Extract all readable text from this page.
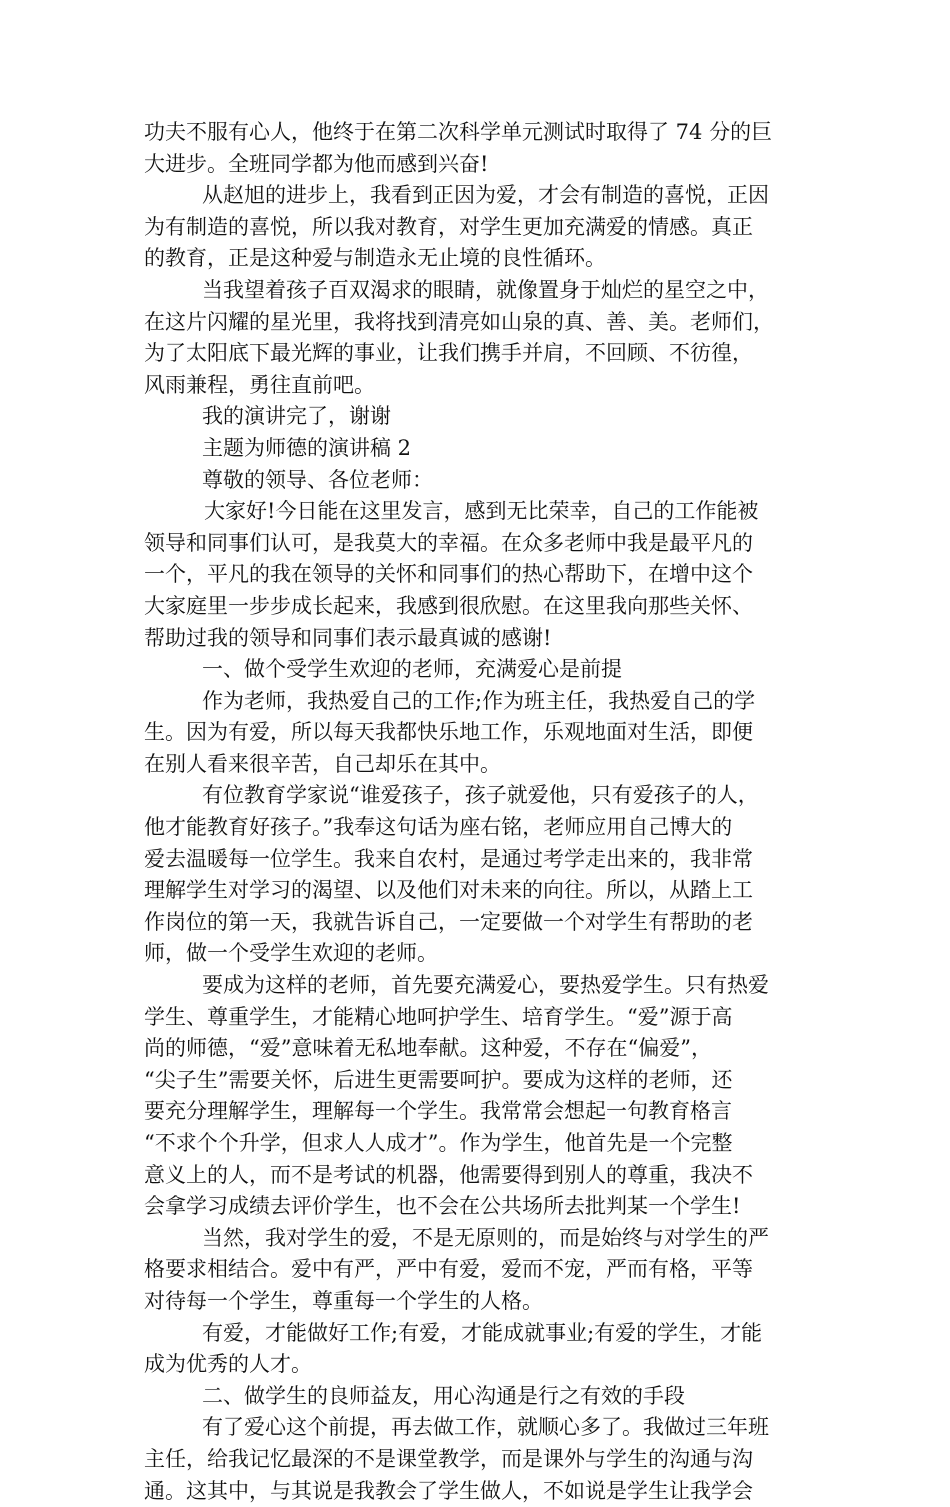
功夫不服有心人，他终于在第二次科学单元测试时取得了 74 分的巨
大进步。全班同学都为他而感到兴奋!
从赵旭的进步上，我看到正因为爱，才会有制造的喜悦，正因
为有制造的喜悦，所以我对教育，对学生更加充满爱的情感。真正
的教育，正是这种爱与制造永无止境的良性循环。
当我望着孩子百双渴求的眼睛，就像置身于灿烂的星空之中，
在这片闪耀的星光里，我将找到清亮如山泉的真、善、美。老师们，
为了太阳底下最光辉的事业，让我们携手并肩，不回顾、不彷徨，
风雨兼程，勇往直前吧。
我的演讲完了，谢谢
主题为师德的演讲稿 2
尊敬的领导、各位老师：
大家好!今日能在这里发言，感到无比荣幸，自己的工作能被
领导和同事们认可，是我莫大的幸福。在众多老师中我是最平凡的
一个，平凡的我在领导的关怀和同事们的热心帮助下，在增中这个
大家庭里一步步成长起来，我感到很欣慰。在这里我向那些关怀、
帮助过我的领导和同事们表示最真诚的感谢!
一、做个受学生欢迎的老师，充满爱心是前提
作为老师，我热爱自己的工作;作为班主任，我热爱自己的学
生。因为有爱，所以每天我都快乐地工作，乐观地面对生活，即便
在别人看来很辛苦，自己却乐在其中。
有位教育学家说“谁爱孩子，孩子就爱他，只有爱孩子的人，
他才能教育好孩子。”我奉这句话为座右铭，老师应用自己博大的
爱去温暖每一位学生。我来自农村，是通过考学走出来的，我非常
理解学生对学习的渴望、以及他们对未来的向往。所以，从踏上工
作岗位的第一天，我就告诉自己，一定要做一个对学生有帮助的老
师，做一个受学生欢迎的老师。
要成为这样的老师，首先要充满爱心，要热爱学生。只有热爱
学生、尊重学生，才能精心地呵护学生、培育学生。“爱”源于高
尚的师德，“爱”意味着无私地奉献。这种爱，不存在“偏爱”，
“尖子生”需要关怀，后进生更需要呵护。要成为这样的老师，还
要充分理解学生，理解每一个学生。我常常会想起一句教育格言
“不求个个升学，但求人人成才”。作为学生，他首先是一个完整
意义上的人，而不是考试的机器，他需要得到别人的尊重，我决不
会拿学习成绩去评价学生，也不会在公共场所去批判某一个学生!
当然，我对学生的爱，不是无原则的，而是始终与对学生的严
格要求相结合。爱中有严，严中有爱，爱而不宠，严而有格，平等
对待每一个学生，尊重每一个学生的人格。
有爱，才能做好工作;有爱，才能成就事业;有爱的学生，才能
成为优秀的人才。
二、做学生的良师益友，用心沟通是行之有效的手段
有了爱心这个前提，再去做工作，就顺心多了。我做过三年班
主任，给我记忆最深的不是课堂教学，而是课外与学生的沟通与沟
通。这其中，与其说是我教会了学生做人，不如说是学生让我学会
